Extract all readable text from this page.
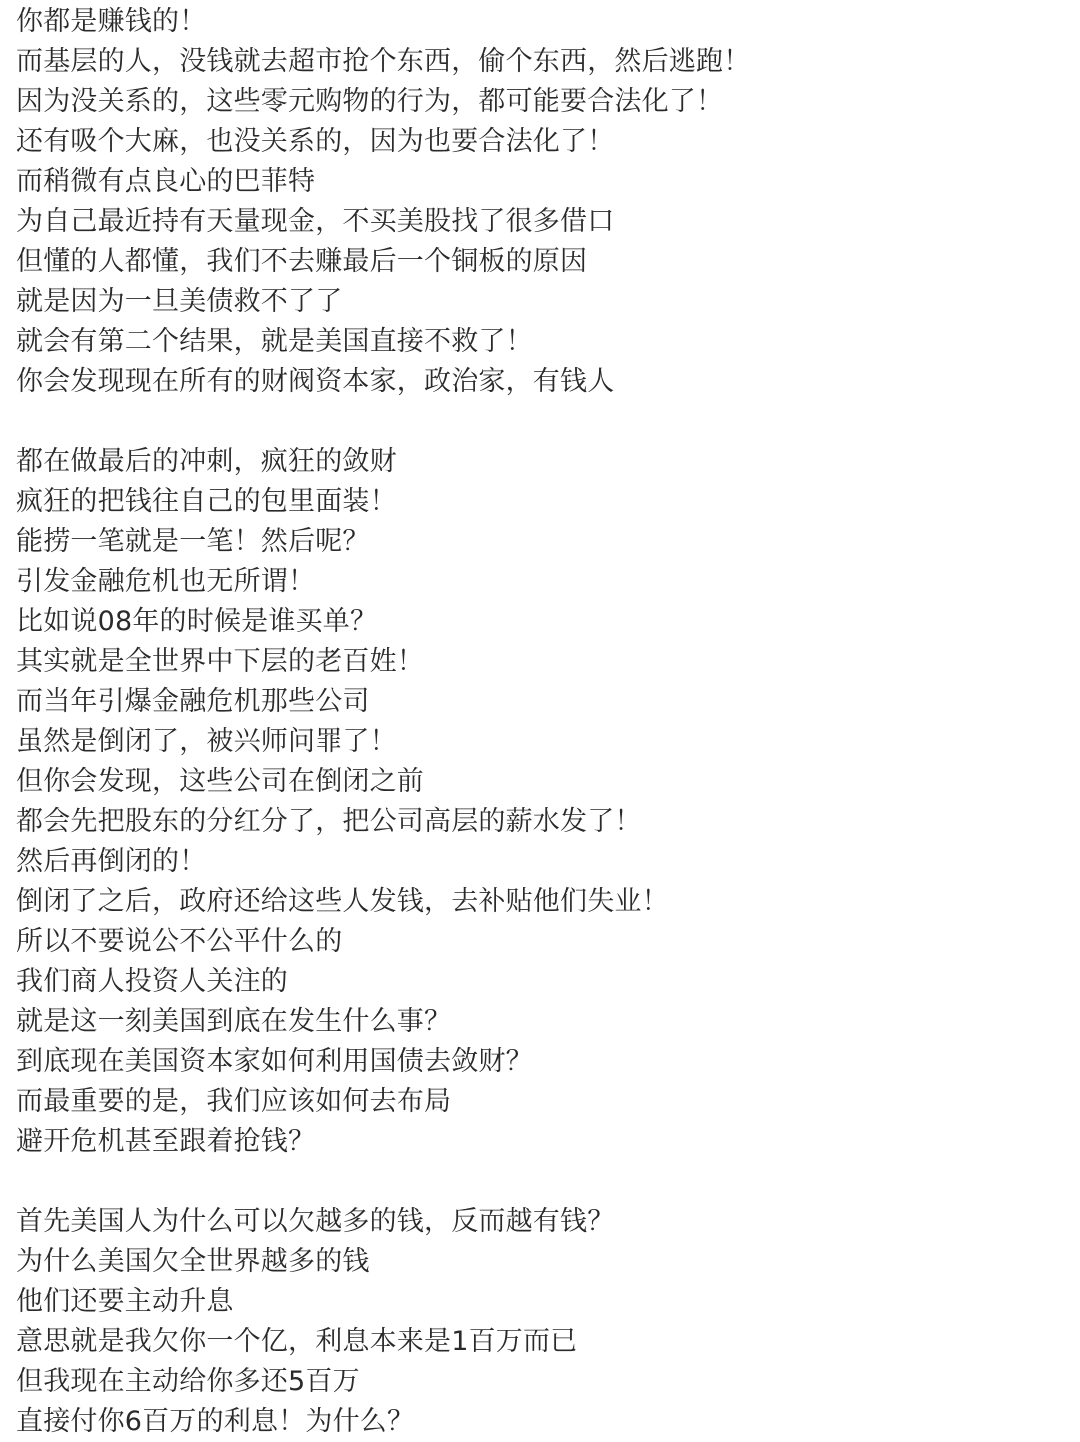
你都是赚钱的！
而基层的人，没钱就去超市抢个东西，偷个东西，然后逃跑！
因为没关系的，这些零元购物的行为，都可能要合法化了！
还有吸个大麻，也没关系的，因为也要合法化了！
而稍微有点良心的巴菲特
为自己最近持有天量现金，不买美股找了很多借口
但懂的人都懂，我们不去赚最后一个铜板的原因
就是因为一旦美债救不了了
就会有第二个结果，就是美国直接不救了！
你会发现现在所有的财阀资本家，政治家，有钱人
都在做最后的冲刺，疯狂的敛财
疯狂的把钱往自己的包里面装！
能捞一笔就是一笔！然后呢？
引发金融危机也无所谓！
比如说08年的时候是谁买单？
其实就是全世界中下层的老百姓！
而当年引爆金融危机那些公司
虽然是倒闭了，被兴师问罪了！
但你会发现，这些公司在倒闭之前
都会先把股东的分红分了，把公司高层的薪水发了！
然后再倒闭的！
倒闭了之后，政府还给这些人发钱，去补贴他们失业！
所以不要说公不公平什么的
我们商人投资人关注的
就是这一刻美国到底在发生什么事？
到底现在美国资本家如何利用国债去敛财？
而最重要的是，我们应该如何去布局
避开危机甚至跟着抢钱？
首先美国人为什么可以欠越多的钱，反而越有钱？
为什么美国欠全世界越多的钱
他们还要主动升息
意思就是我欠你一个亿，利息本来是1百万而已
但我现在主动给你多还5百万
直接付你6百万的利息！为什么？
